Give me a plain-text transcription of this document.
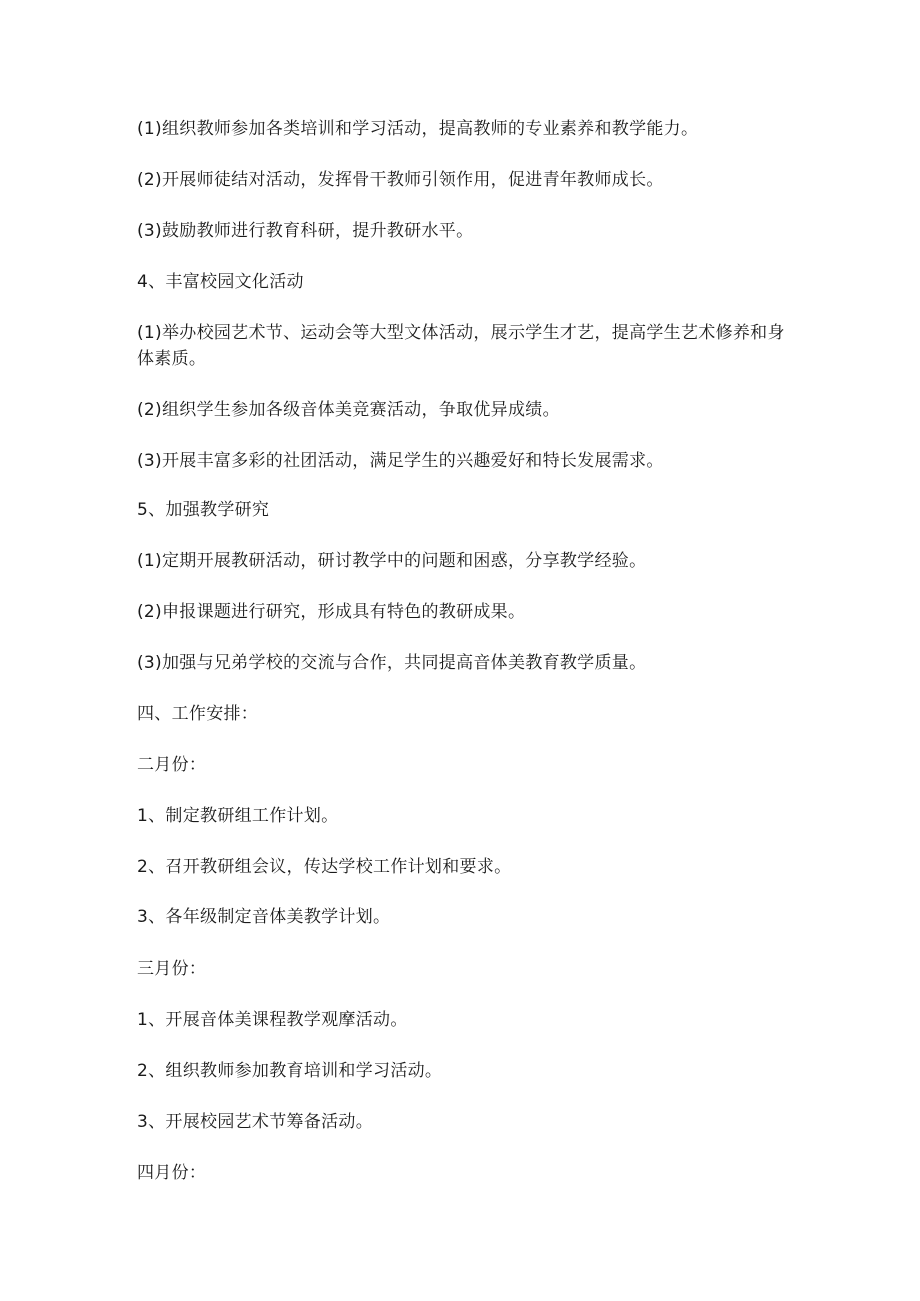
(1)组织教师参加各类培训和学习活动，提高教师的专业素养和教学能力。

(2)开展师徒结对活动，发挥骨干教师引领作用，促进青年教师成长。

(3)鼓励教师进行教育科研，提升教研水平。

4、丰富校园文化活动

(1)举办校园艺术节、运动会等大型文体活动，展示学生才艺，提高学生艺术修养和身体素质。

(2)组织学生参加各级音体美竞赛活动，争取优异成绩。

(3)开展丰富多彩的社团活动，满足学生的兴趣爱好和特长发展需求。

5、加强教学研究

(1)定期开展教研活动，研讨教学中的问题和困惑，分享教学经验。

(2)申报课题进行研究，形成具有特色的教研成果。

(3)加强与兄弟学校的交流与合作，共同提高音体美教育教学质量。

四、工作安排：

二月份：

1、制定教研组工作计划。

2、召开教研组会议，传达学校工作计划和要求。

3、各年级制定音体美教学计划。

三月份：

1、开展音体美课程教学观摩活动。

2、组织教师参加教育培训和学习活动。

3、开展校园艺术节筹备活动。

四月份：
